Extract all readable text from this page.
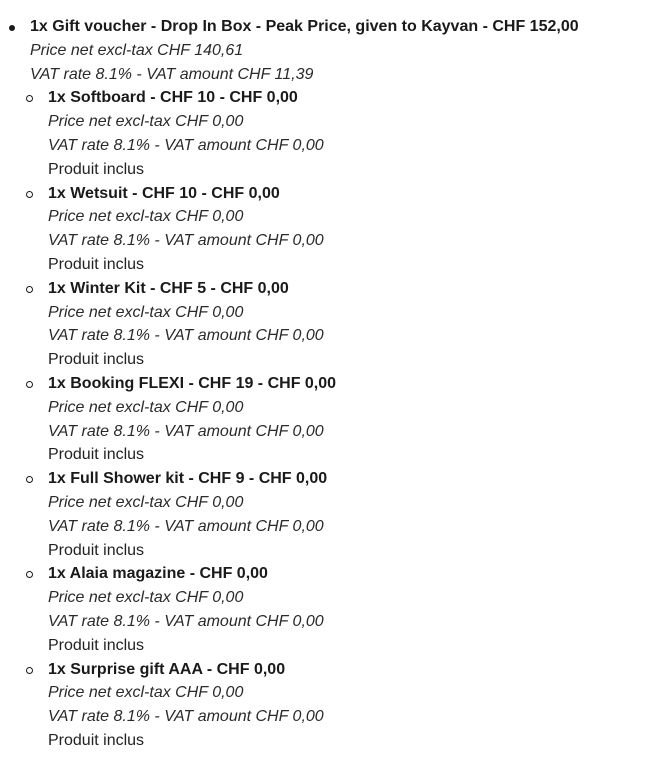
1x Gift voucher - Drop In Box - Peak Price, given to Kayvan - CHF 152,00
Price net excl-tax CHF 140,61
VAT rate 8.1% - VAT amount CHF 11,39
1x Softboard - CHF 10 - CHF 0,00
Price net excl-tax CHF 0,00
VAT rate 8.1% - VAT amount CHF 0,00
Produit inclus
1x Wetsuit - CHF 10 - CHF 0,00
Price net excl-tax CHF 0,00
VAT rate 8.1% - VAT amount CHF 0,00
Produit inclus
1x Winter Kit - CHF 5 - CHF 0,00
Price net excl-tax CHF 0,00
VAT rate 8.1% - VAT amount CHF 0,00
Produit inclus
1x Booking FLEXI - CHF 19 - CHF 0,00
Price net excl-tax CHF 0,00
VAT rate 8.1% - VAT amount CHF 0,00
Produit inclus
1x Full Shower kit - CHF 9 - CHF 0,00
Price net excl-tax CHF 0,00
VAT rate 8.1% - VAT amount CHF 0,00
Produit inclus
1x Alaia magazine - CHF 0,00
Price net excl-tax CHF 0,00
VAT rate 8.1% - VAT amount CHF 0,00
Produit inclus
1x Surprise gift AAA - CHF 0,00
Price net excl-tax CHF 0,00
VAT rate 8.1% - VAT amount CHF 0,00
Produit inclus
